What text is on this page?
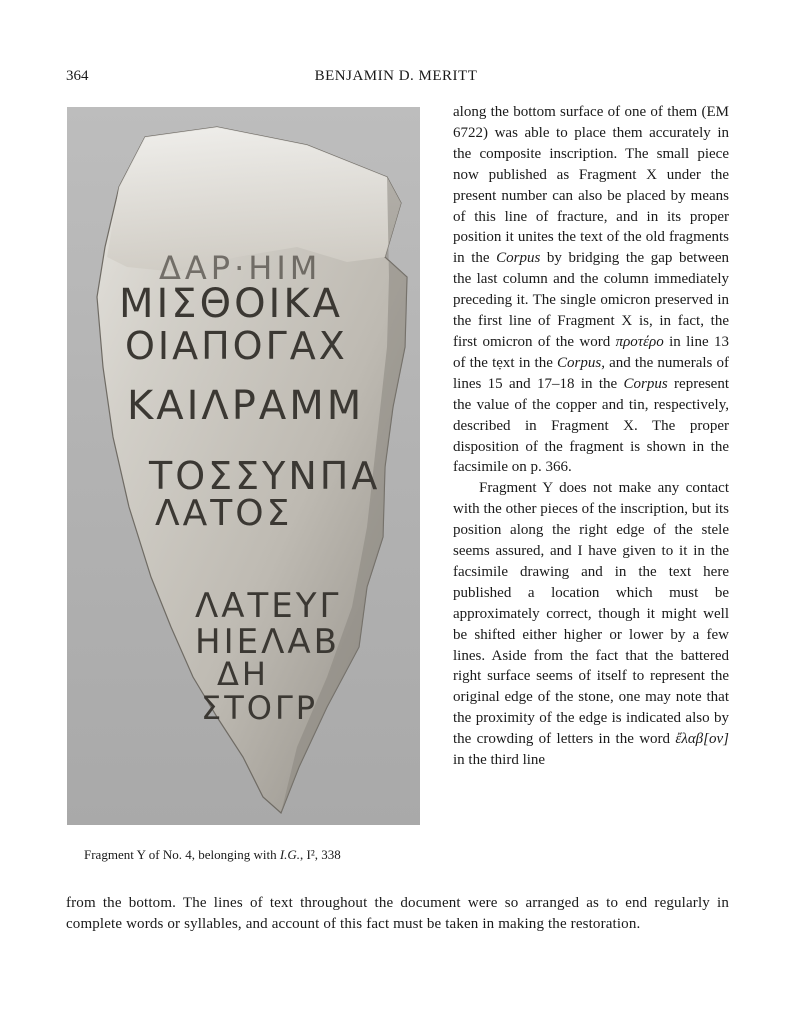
364	BENJAMIN D. MERITT
ΔΑΡ·ΗΙΜ
ΜΙΣΘΟΙΚΑ
ΟΙΑΠΟΓΑΧ
ΚΑΙΛΡΑΜΜ
ΤΟΣΣΥΝΠΑ
ΛΑΤΟΣ
ΛΑΤΕΥΓ
ΗΙΕΛΑΒ
ΔΗ
ΣΤΟΓΡ
Fragment Y of No. 4, belonging with I.G., I², 338

along the bottom surface of one of them (EM 6722) was able to place them accurately in the composite inscription. The small piece now published as Fragment X under the present number can also be placed by means of this line of fracture, and in its proper position it unites the text of the old fragments in the Corpus by bridging the gap between the last column and the column immediately preceding it. The single omicron preserved in the first line of Fragment X is, in fact, the first omicron of the word προτέρο in line 13 of the tẹxt in the Corpus, and the numerals of lines 15 and 17–18 in the Corpus represent the value of the copper and tin, respectively, described in Fragment X. The proper disposition of the fragment is shown in the facsimile on p. 366.

Fragment Y does not make any contact with the other pieces of the inscription, but its position along the right edge of the stele seems assured, and I have given to it in the facsimile drawing and in the text here published a location which must be approximately correct, though it might well be shifted either higher or lower by a few lines. Aside from the fact that the battered right surface seems of itself to represent the original edge of the stone, one may note that the proximity of the edge is indicated also by the crowding of letters in the word ἔλαβ[ον] in the third line

from the bottom. The lines of text throughout the document were so arranged as to end regularly in complete words or syllables, and account of this fact must be taken in making the restoration.
